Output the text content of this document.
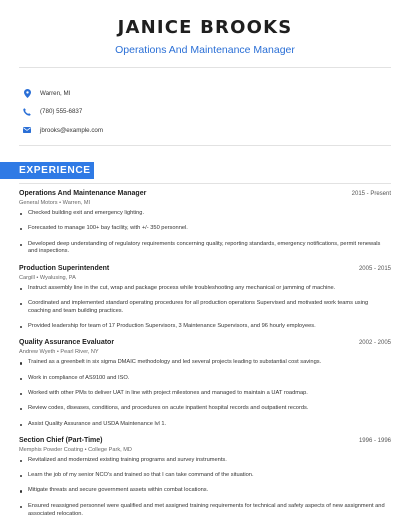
JANICE BROOKS
Operations And Maintenance Manager
Warren, MI
(780) 555-6837
jbrooks@example.com
EXPERIENCE
Operations And Maintenance Manager	2015 - Present
General Motors • Warren, MI
Checked building exit and emergency lighting.
Forecasted to manage 100+ bay facility, with +/- 350 personnel.
Developed deep understanding of regulatory requirements concerning quality, reporting standards, emergency notifications, permit renewals and inspections.
Production Superintendent	2005 - 2015
Cargill • Wyalusing, PA
Instruct assembly line in the cut, wrap and package process while troubleshooting any mechanical or jamming of machine.
Coordinated and implemented standard operating procedures for all production operations Supervised and motivated work teams using coaching and team building practices.
Provided leadership for team of 17 Production Supervisors, 3 Maintenance Supervisors, and 96 hourly employees.
Quality Assurance Evaluator	2002 - 2005
Andrew Wyeth • Pearl River, NY
Trained as a greenbelt in six sigma DMAIC methodology and led several projects leading to substantial cost savings.
Work in compliance of AS9100 and ISO.
Worked with other PMs to deliver UAT in line with project milestones and managed to maintain a UAT roadmap.
Review codes, diseases, conditions, and procedures on acute inpatient hospital records and outpatient records.
Assist Quality Assurance and USDA Maintenance lvl 1.
Section Chief (Part-Time)	1996 - 1996
Memphis Powder Coating • College Park, MD
Revitalized and modernized existing training programs and survey instruments.
Learn the job of my senior NCO's and trained so that I can take command of the situation.
Mitigate threats and secure government assets within combat locations.
Ensured reassigned personnel were qualified and met assigned training requirements for technical and safety aspects of new assignment and associated relocation.
